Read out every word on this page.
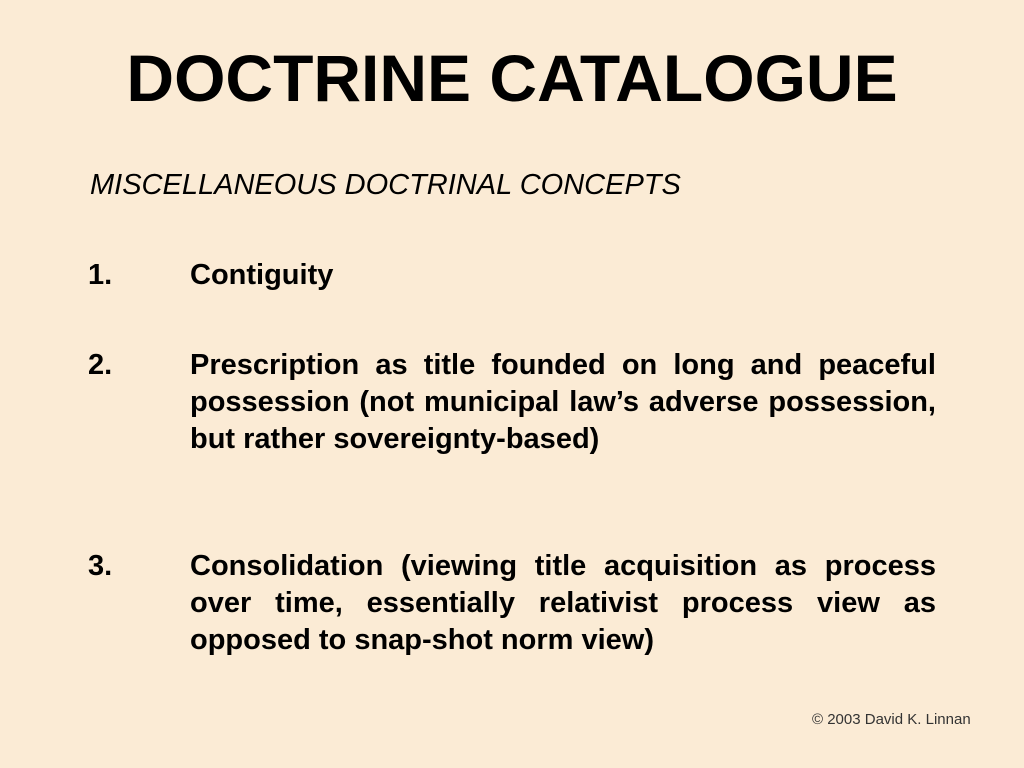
DOCTRINE CATALOGUE

MISCELLANEOUS DOCTRINAL CONCEPTS

1.	Contiguity
2.	Prescription as title founded on long and peaceful possession (not municipal law’s adverse possession, but rather sovereignty-based)
3.	Consolidation (viewing title acquisition as process over time, essentially relativist process view as opposed to snap-shot norm view)
© 2003 David K. Linnan
